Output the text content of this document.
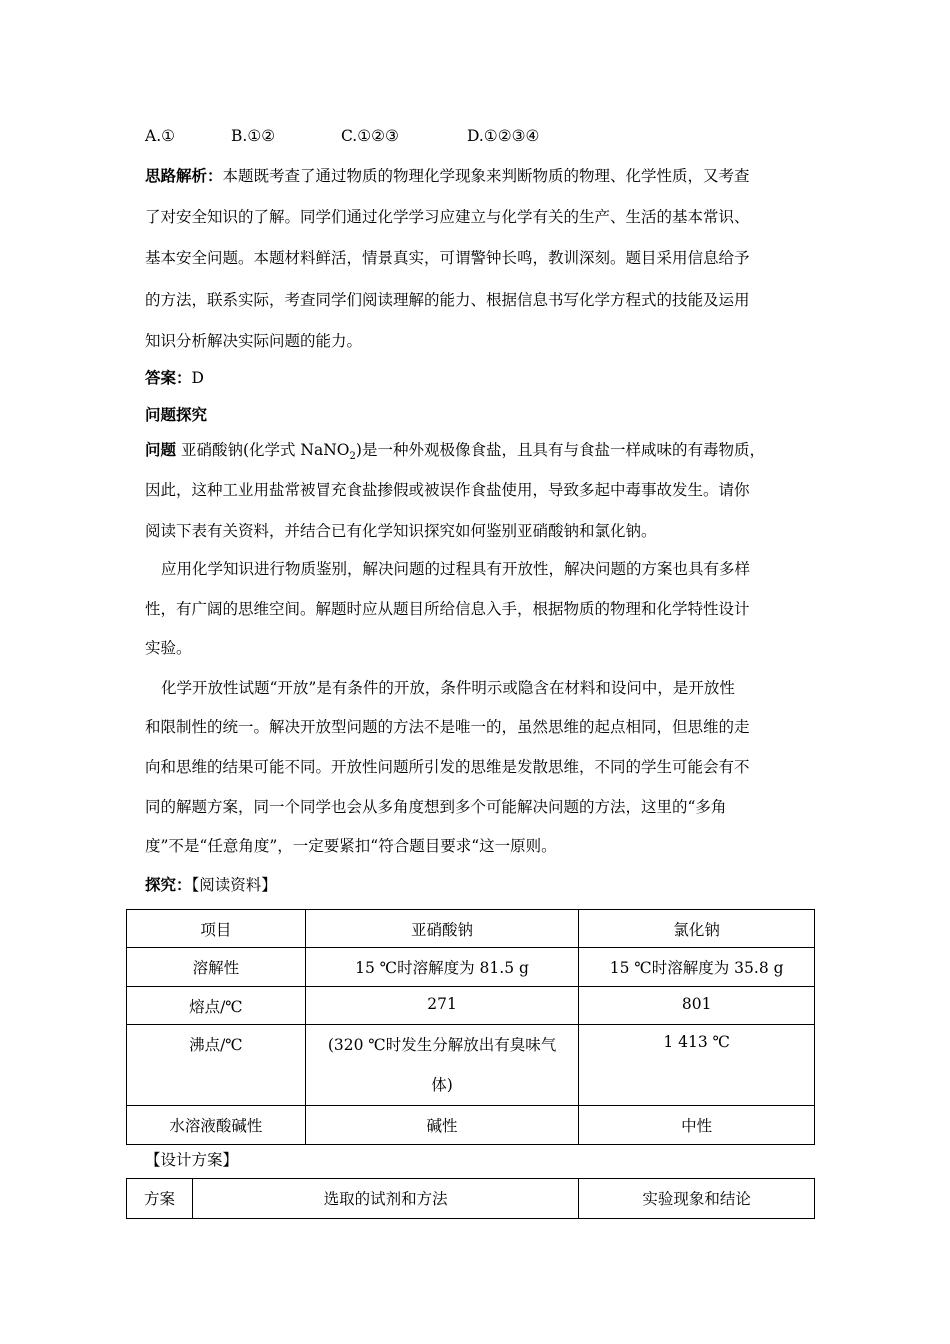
A.①	B.①②	C.①②③	D.①②③④
思路解析：本题既考查了通过物质的物理化学现象来判断物质的物理、化学性质，又考查
了对安全知识的了解。同学们通过化学学习应建立与化学有关的生产、生活的基本常识、
基本安全问题。本题材料鲜活，情景真实，可谓警钟长鸣，教训深刻。题目采用信息给予
的方法，联系实际，考查同学们阅读理解的能力、根据信息书写化学方程式的技能及运用
知识分析解决实际问题的能力。
答案：D
问题探究
问题 亚硝酸钠(化学式 NaNO$_2$)是一种外观极像食盐，且具有与食盐一样咸味的有毒物质，
因此，这种工业用盐常被冒充食盐掺假或被误作食盐使用，导致多起中毒事故发生。请你
阅读下表有关资料，并结合已有化学知识探究如何鉴别亚硝酸钠和氯化钠。
应用化学知识进行物质鉴别，解决问题的过程具有开放性，解决问题的方案也具有多样
性，有广阔的思维空间。解题时应从题目所给信息入手，根据物质的物理和化学特性设计
实验。
化学开放性试题“开放”是有条件的开放，条件明示或隐含在材料和设问中，是开放性
和限制性的统一。解决开放型问题的方法不是唯一的，虽然思维的起点相同，但思维的走
向和思维的结果可能不同。开放性问题所引发的思维是发散思维，不同的学生可能会有不
同的解题方案，同一个同学也会从多角度想到多个可能解决问题的方法，这里的“多角
度”不是“任意角度”，一定要紧扣“符合题目要求“这一原则。
探究：【阅读资料】
项目	亚硝酸钠	氯化钠
溶解性	15 ℃时溶解度为 81.5 g	15 ℃时溶解度为 35.8 g
熔点/℃	271	801
沸点/℃	(320 ℃时发生分解放出有臭味气
体)	1 413 ℃
水溶液酸碱性	碱性	中性
【设计方案】
方案	选取的试剂和方法	实验现象和结论
